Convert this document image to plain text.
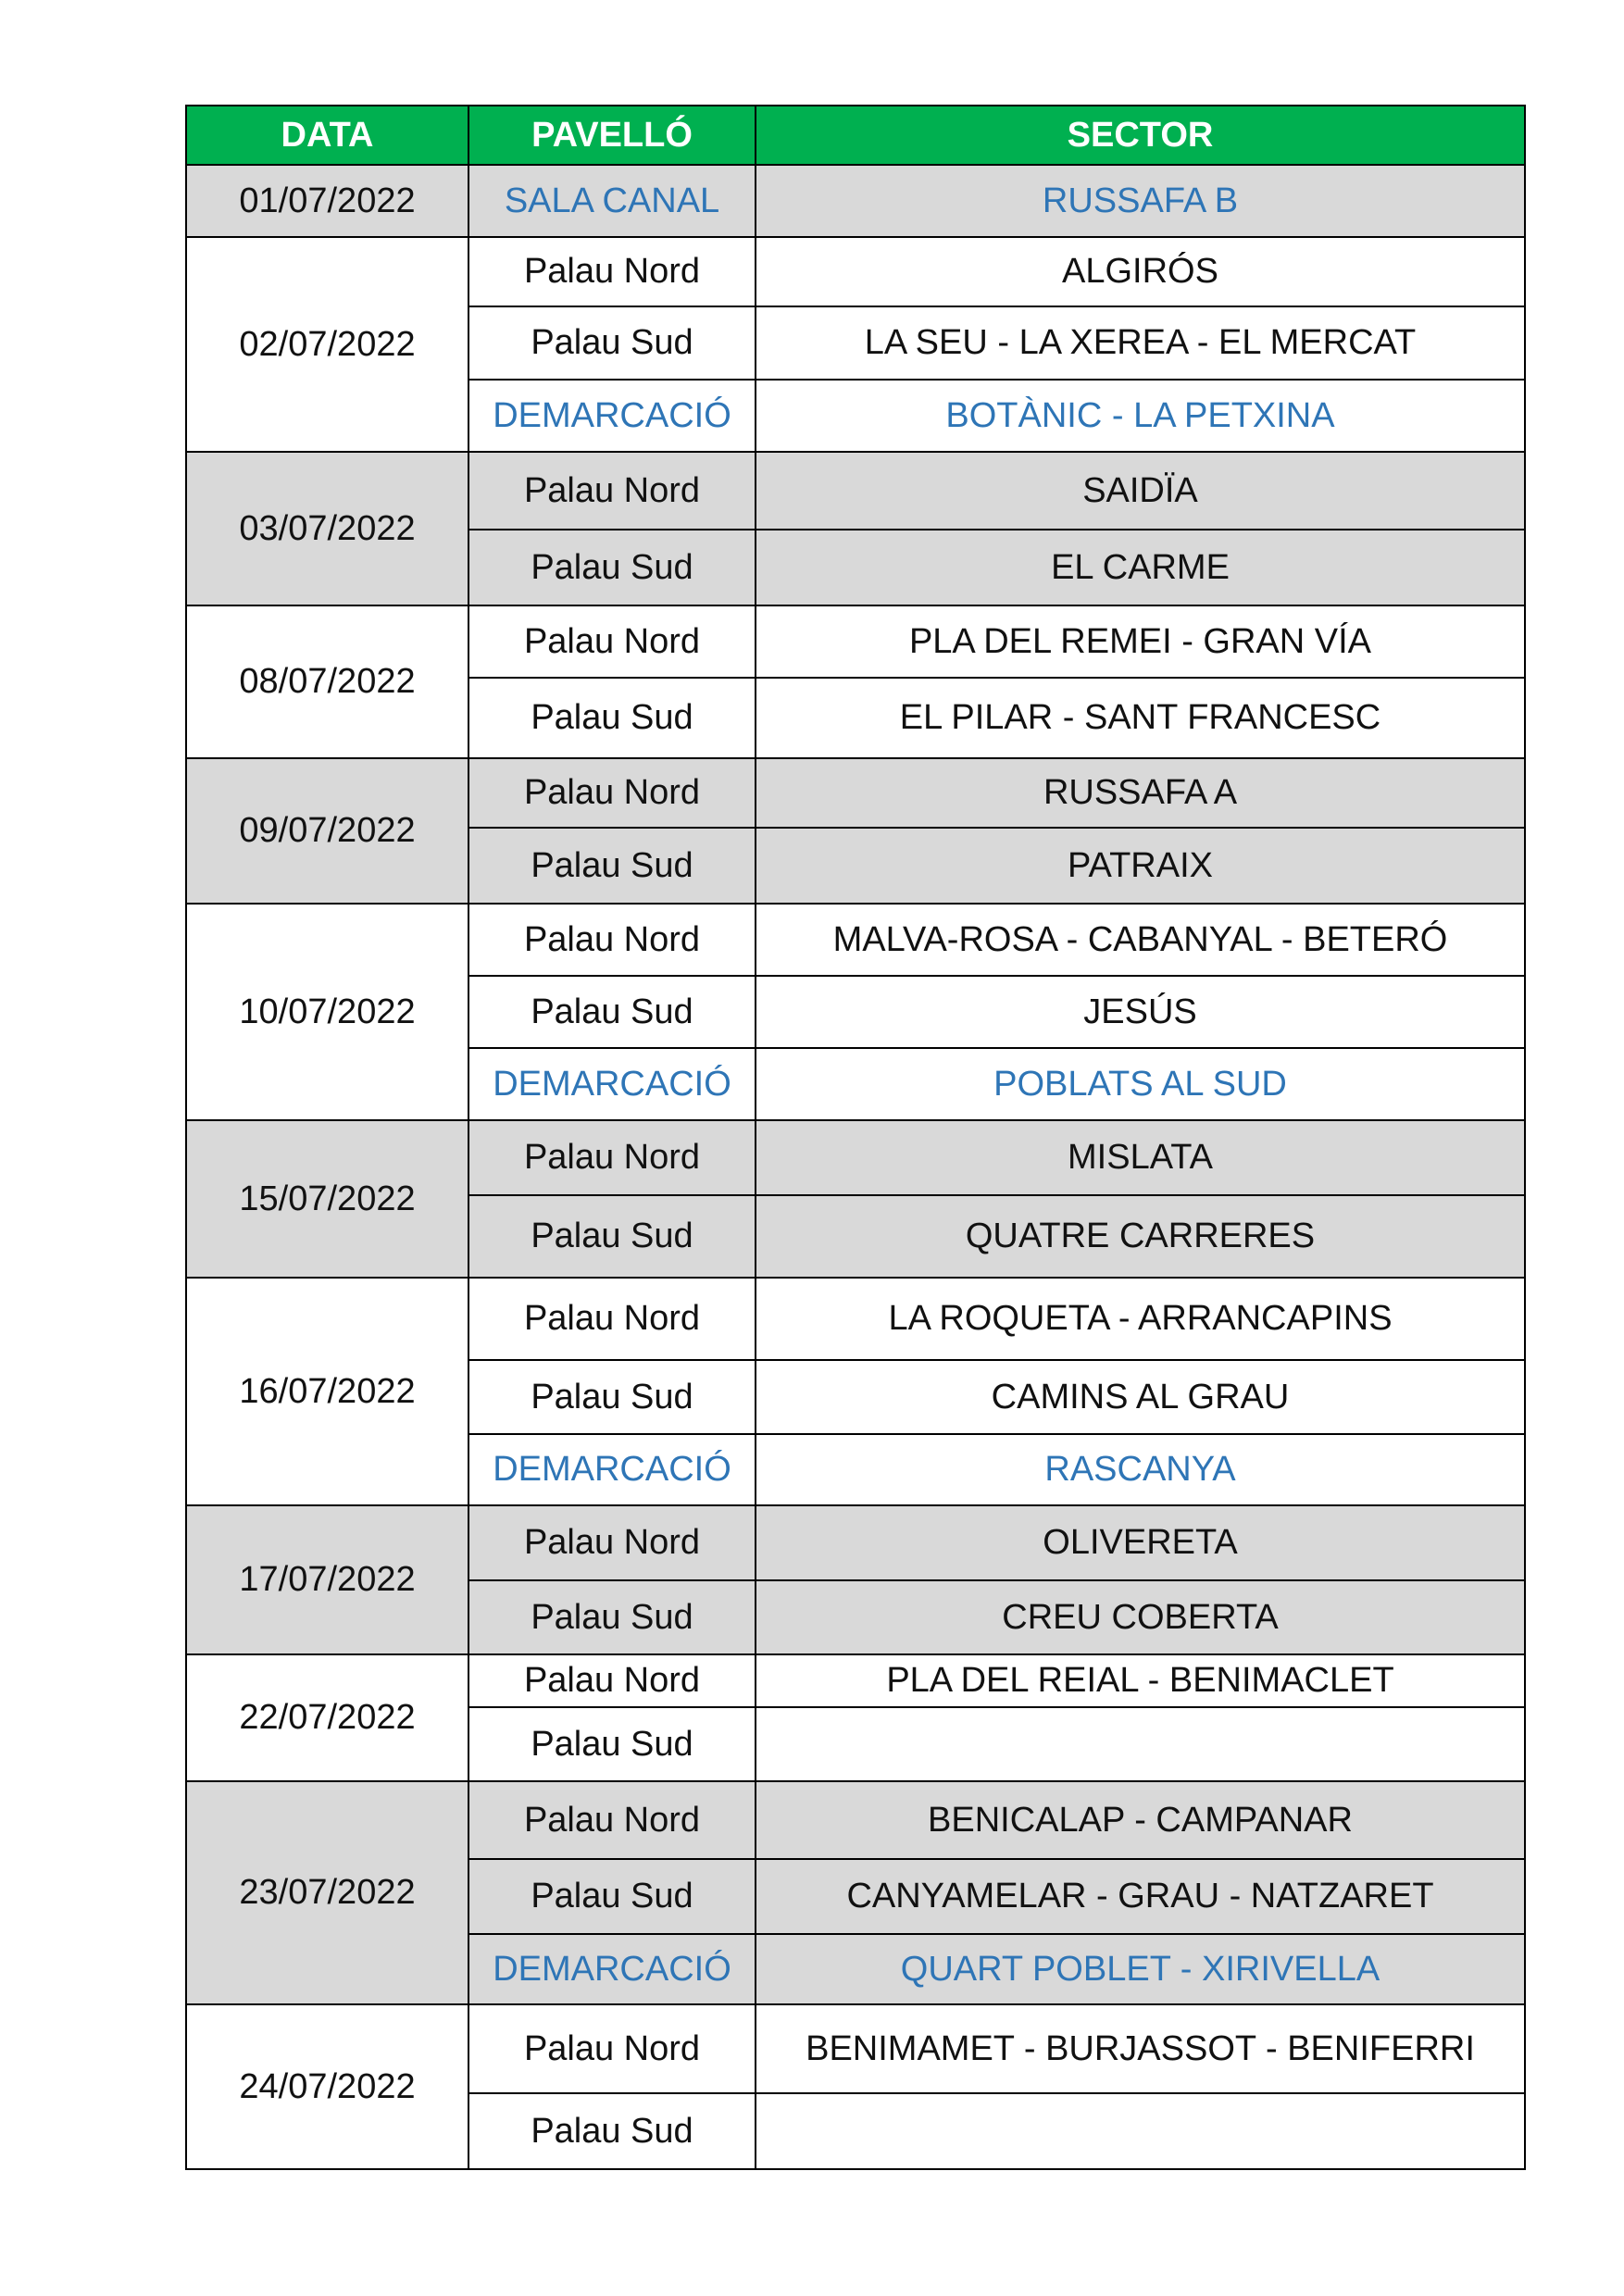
DATA	PAVELLÓ	SECTOR
01/07/2022	SALA CANAL	RUSSAFA B
02/07/2022	Palau Nord	ALGIRÓS
	Palau Sud	LA SEU - LA XEREA - EL MERCAT
	DEMARCACIÓ	BOTÀNIC - LA PETXINA
03/07/2022	Palau Nord	SAIDÏA
	Palau Sud	EL CARME
08/07/2022	Palau Nord	PLA DEL REMEI - GRAN VÍA
	Palau Sud	EL PILAR - SANT FRANCESC
09/07/2022	Palau Nord	RUSSAFA A
	Palau Sud	PATRAIX
10/07/2022	Palau Nord	MALVA-ROSA - CABANYAL - BETERÓ
	Palau Sud	JESÚS
	DEMARCACIÓ	POBLATS AL SUD
15/07/2022	Palau Nord	MISLATA
	Palau Sud	QUATRE CARRERES
16/07/2022	Palau Nord	LA ROQUETA - ARRANCAPINS
	Palau Sud	CAMINS AL GRAU
	DEMARCACIÓ	RASCANYA
17/07/2022	Palau Nord	OLIVERETA
	Palau Sud	CREU COBERTA
22/07/2022	Palau Nord	PLA DEL REIAL - BENIMACLET
	Palau Sud	
23/07/2022	Palau Nord	BENICALAP - CAMPANAR
	Palau Sud	CANYAMELAR - GRAU - NATZARET
	DEMARCACIÓ	QUART POBLET - XIRIVELLA
24/07/2022	Palau Nord	BENIMAMET - BURJASSOT - BENIFERRI
	Palau Sud	
